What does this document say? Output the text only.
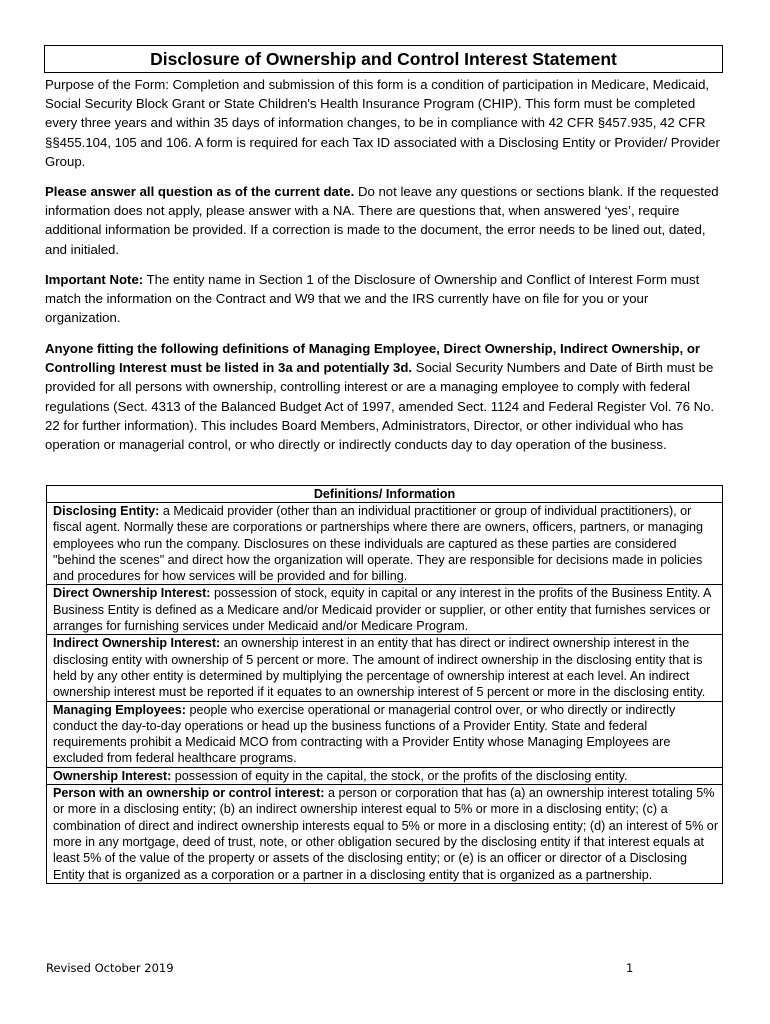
Disclosure of Ownership and Control Interest Statement

Purpose of the Form: Completion and submission of this form is a condition of participation in Medicare, Medicaid, Social Security Block Grant or State Children's Health Insurance Program (CHIP). This form must be completed every three years and within 35 days of information changes, to be in compliance with 42 CFR §457.935, 42 CFR §§455.104, 105 and 106. A form is required for each Tax ID associated with a Disclosing Entity or Provider/ Provider Group.

Please answer all question as of the current date. Do not leave any questions or sections blank. If the requested information does not apply, please answer with a NA. There are questions that, when answered ‘yes’, require additional information be provided. If a correction is made to the document, the error needs to be lined out, dated, and initialed.

Important Note: The entity name in Section 1 of the Disclosure of Ownership and Conflict of Interest Form must match the information on the Contract and W9 that we and the IRS currently have on file for you or your organization.

Anyone fitting the following definitions of Managing Employee, Direct Ownership, Indirect Ownership, or Controlling Interest must be listed in 3a and potentially 3d. Social Security Numbers and Date of Birth must be provided for all persons with ownership, controlling interest or are a managing employee to comply with federal regulations (Sect. 4313 of the Balanced Budget Act of 1997, amended Sect. 1124 and Federal Register Vol. 76 No. 22 for further information). This includes Board Members, Administrators, Director, or other individual who has operation or managerial control, or who directly or indirectly conducts day to day operation of the business.

Definitions/ Information
Disclosing Entity: a Medicaid provider (other than an individual practitioner or group of individual practitioners), or fiscal agent. Normally these are corporations or partnerships where there are owners, officers, partners, or managing employees who run the company. Disclosures on these individuals are captured as these parties are considered "behind the scenes" and direct how the organization will operate. They are responsible for decisions made in policies and procedures for how services will be provided and for billing.
Direct Ownership Interest: possession of stock, equity in capital or any interest in the profits of the Business Entity. A Business Entity is defined as a Medicare and/or Medicaid provider or supplier, or other entity that furnishes services or arranges for furnishing services under Medicaid and/or Medicare Program.
Indirect Ownership Interest: an ownership interest in an entity that has direct or indirect ownership interest in the disclosing entity with ownership of 5 percent or more. The amount of indirect ownership in the disclosing entity that is held by any other entity is determined by multiplying the percentage of ownership interest at each level. An indirect ownership interest must be reported if it equates to an ownership interest of 5 percent or more in the disclosing entity.
Managing Employees: people who exercise operational or managerial control over, or who directly or indirectly conduct the day-to-day operations or head up the business functions of a Provider Entity. State and federal requirements prohibit a Medicaid MCO from contracting with a Provider Entity whose Managing Employees are excluded from federal healthcare programs.
Ownership Interest: possession of equity in the capital, the stock, or the profits of the disclosing entity.
Person with an ownership or control interest: a person or corporation that has (a) an ownership interest totaling 5% or more in a disclosing entity; (b) an indirect ownership interest equal to 5% or more in a disclosing entity; (c) a combination of direct and indirect ownership interests equal to 5% or more in a disclosing entity; (d) an interest of 5% or more in any mortgage, deed of trust, note, or other obligation secured by the disclosing entity if that interest equals at least 5% of the value of the property or assets of the disclosing entity; or (e) is an officer or director of a Disclosing Entity that is organized as a corporation or a partner in a disclosing entity that is organized as a partnership.
Revised October 2019	1
